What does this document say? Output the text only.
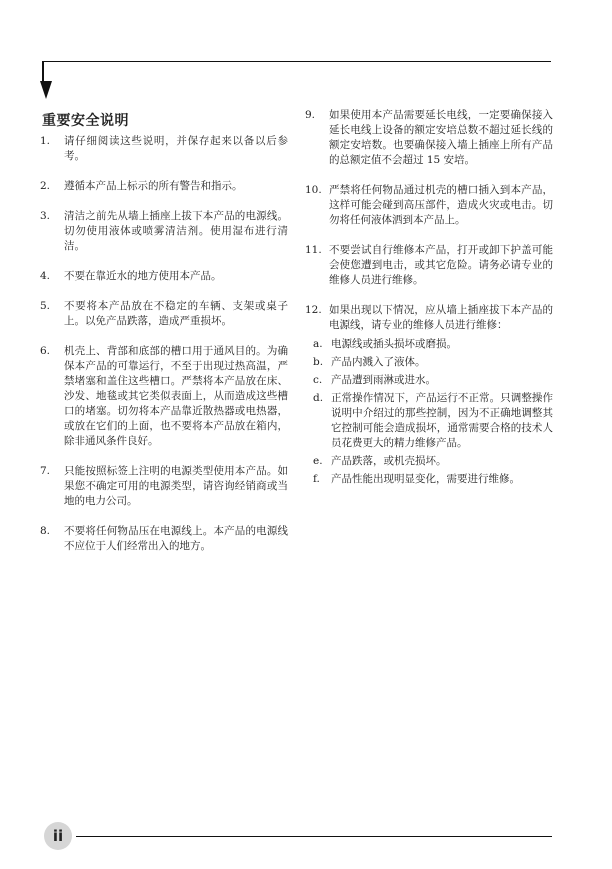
重要安全说明
1.	请仔细阅读这些说明，并保存起来以备以后参考。
2.	遵循本产品上标示的所有警告和指示。
3.	清洁之前先从墙上插座上拔下本产品的电源线。切勿使用液体或喷雾清洁剂。使用湿布进行清洁。
4.	不要在靠近水的地方使用本产品。
5.	不要将本产品放在不稳定的车辆、支架或桌子上。以免产品跌落，造成严重损坏。
6.	机壳上、背部和底部的槽口用于通风目的。为确保本产品的可靠运行，不至于出现过热高温，严禁堵塞和盖住这些槽口。严禁将本产品放在床、沙发、地毯或其它类似表面上，从而造成这些槽口的堵塞。切勿将本产品靠近散热器或电热器，或放在它们的上面，也不要将本产品放在箱内，除非通风条件良好。
7.	只能按照标签上注明的电源类型使用本产品。如果您不确定可用的电源类型，请咨询经销商或当地的电力公司。
8.	不要将任何物品压在电源线上。本产品的电源线不应位于人们经常出入的地方。
9.	如果使用本产品需要延长电线，一定要确保接入延长电线上设备的额定安培总数不超过延长线的额定安培数。也要确保接入墙上插座上所有产品的总额定值不会超过 15 安培。
10. 严禁将任何物品通过机壳的槽口插入到本产品，这样可能会碰到高压部件，造成火灾或电击。切勿将任何液体洒到本产品上。
11. 不要尝试自行维修本产品，打开或卸下护盖可能会使您遭到电击，或其它危险。请务必请专业的维修人员进行维修。
12. 如果出现以下情况，应从墙上插座拔下本产品的电源线，请专业的维修人员进行维修：
a. 电源线或插头损坏或磨损。
b. 产品内溅入了液体。
c. 产品遭到雨淋或进水。
d. 正常操作情况下，产品运行不正常。只调整操作说明中介绍过的那些控制，因为不正确地调整其它控制可能会造成损坏，通常需要合格的技术人员花费更大的精力维修产品。
e. 产品跌落，或机壳损坏。
f.	产品性能出现明显变化，需要进行维修。
ii
